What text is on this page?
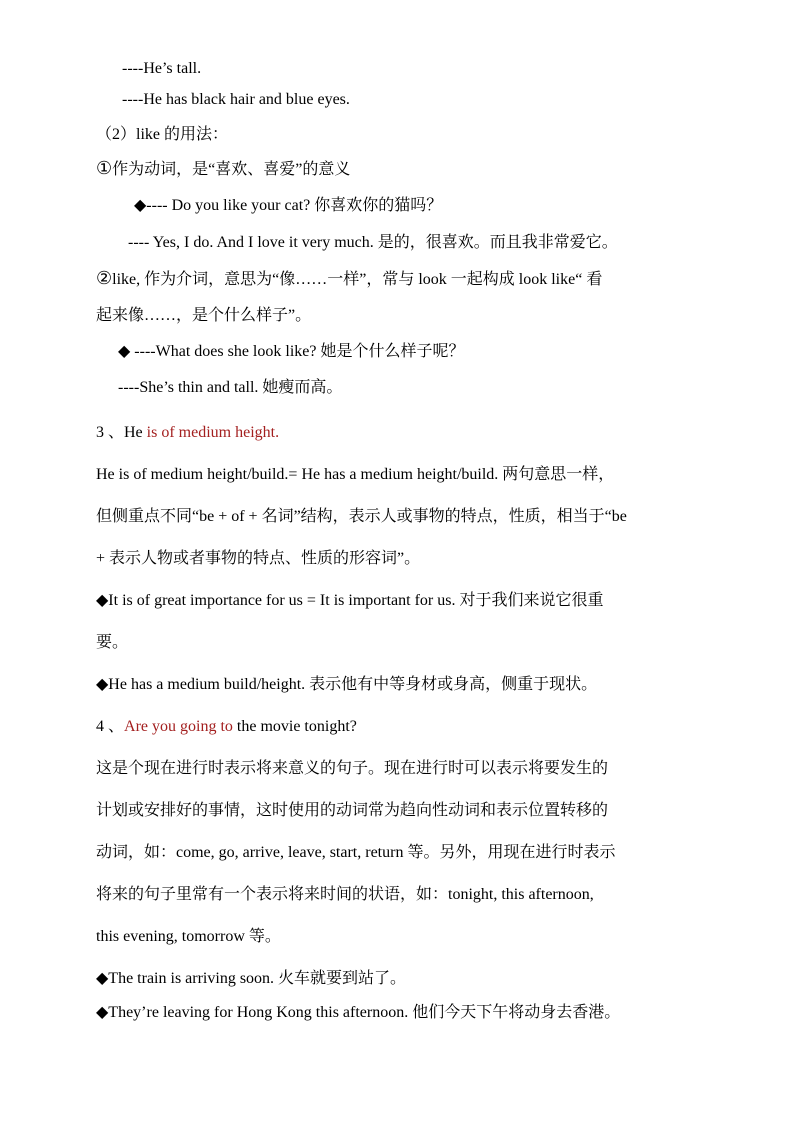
----He’s tall.
----He has black hair and blue eyes.
（2）like 的用法：
①作为动词，是“喜欢、喜爱”的意义
◆---- Do you like your cat? 你喜欢你的猫吗？
---- Yes, I do. And I love it very much. 是的，很喜欢。而且我非常爱它。
②like, 作为介词，意思为“像……一样”，常与 look 一起构成 look like“ 看
起来像……，是个什么样子”。
◆ ----What does she look like? 她是个什么样子呢？
----She’s thin and tall. 她瘦而高。
3 、He is of medium height.
He is of medium height/build.= He has a medium height/build. 两句意思一样，
但侧重点不同“be + of + 名词”结构，表示人或事物的特点，性质，相当于“be
+ 表示人物或者事物的特点、性质的形容词”。
◆It is of great importance for us = It is important for us. 对于我们来说它很重
要。
◆He has a medium build/height. 表示他有中等身材或身高，侧重于现状。
4 、Are you going to the movie tonight?
这是个现在进行时表示将来意义的句子。现在进行时可以表示将要发生的
计划或安排好的事情，这时使用的动词常为趋向性动词和表示位置转移的
动词，如：come, go, arrive, leave, start, return 等。另外，用现在进行时表示
将来的句子里常有一个表示将来时间的状语，如：tonight, this afternoon,
this evening, tomorrow 等。
◆The train is arriving soon. 火车就要到站了。
◆They’re leaving for Hong Kong this afternoon. 他们今天下午将动身去香港。
